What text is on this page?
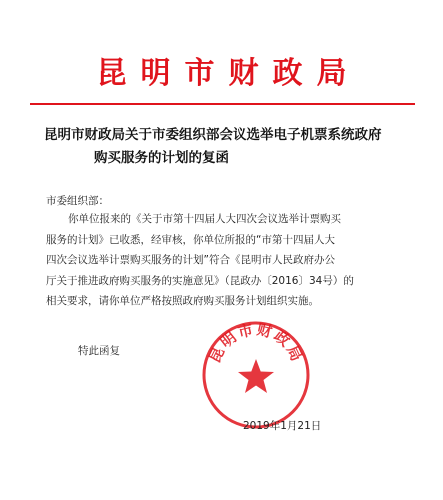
昆明市财政局
昆明市财政局关于市委组织部会议选举电子机票系统政府
购买服务的计划的复函
市委组织部：
你单位报来的《关于市第十四届人大四次会议选举计票购买
服务的计划》已收悉，经审核，你单位所报的“市第十四届人大
四次会议选举计票购买服务的计划”符合《昆明市人民政府办公
厅关于推进政府购买服务的实施意见》（昆政办〔2016〕34号）的
相关要求，请你单位严格按照政府购买服务计划组织实施。
特此函复	昆明市财政局
2019年1月21日
